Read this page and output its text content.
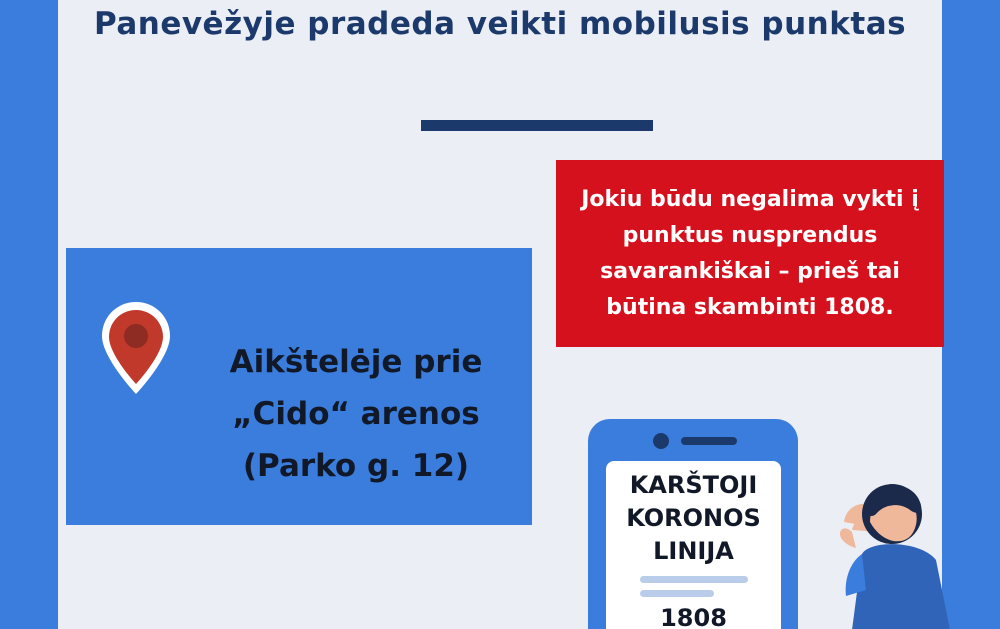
Panevėžyje pradeda veikti mobilusis punktas
Jokiu būdu negalima vykti į punktus nusprendus savarankiškai – prieš tai būtina skambinti 1808.
Aikštelėje prie „Cido“ arenos (Parko g. 12)
KARŠTOJI KORONOS LINIJA
1808
